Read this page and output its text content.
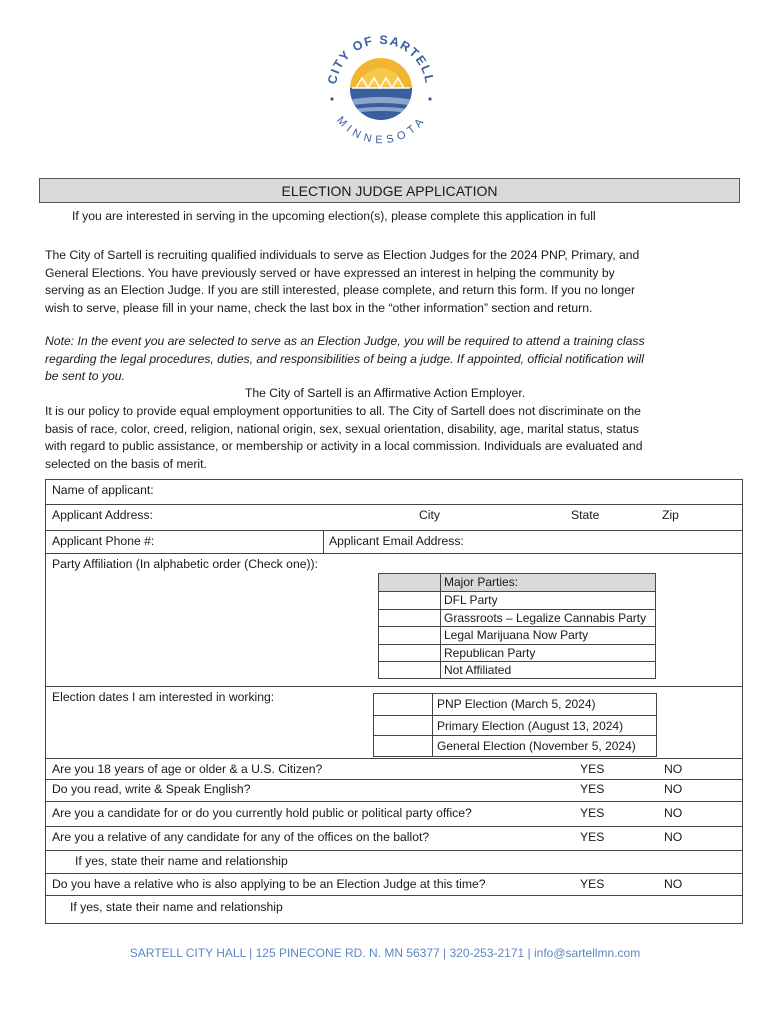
CITY OF SARTELL
MINNESOTA
ELECTION JUDGE APPLICATION
If you are interested in serving in the upcoming election(s), please complete this application in full
The City of Sartell is recruiting qualified individuals to serve as Election Judges for the 2024 PNP, Primary, and
General Elections. You have previously served or have expressed an interest in helping the community by
serving as an Election Judge. If you are still interested, please complete, and return this form. If you no longer
wish to serve, please fill in your name, check the last box in the “other information” section and return.
Note: In the event you are selected to serve as an Election Judge, you will be required to attend a training class
regarding the legal procedures, duties, and responsibilities of being a judge. If appointed, official notification will
be sent to you.
The City of Sartell is an Affirmative Action Employer.
It is our policy to provide equal employment opportunities to all. The City of Sartell does not discriminate on the
basis of race, color, creed, religion, national origin, sex, sexual orientation, disability, age, marital status, status
with regard to public assistance, or membership or activity in a local commission. Individuals are evaluated and
selected on the basis of merit.
Name of applicant:
Applicant Address:	City	State	Zip
Applicant Phone #:	Applicant Email Address:
Party Affiliation (In alphabetic order (Check one)):
Major Parties:
DFL Party
Grassroots – Legalize Cannabis Party
Legal Marijuana Now Party
Republican Party
Not Affiliated
Election dates I am interested in working:	PNP Election (March 5, 2024)
Primary Election (August 13, 2024)
General Election (November 5, 2024)
Are you 18 years of age or older & a U.S. Citizen?	YES	NO
Do you read, write & Speak English?	YES	NO
Are you a candidate for or do you currently hold public or political party office?	YES	NO
Are you a relative of any candidate for any of the offices on the ballot?	YES	NO
If yes, state their name and relationship
Do you have a relative who is also applying to be an Election Judge at this time?	YES	NO
If yes, state their name and relationship
SARTELL CITY HALL | 125 PINECONE RD. N. MN 56377 | 320-253-2171 | info@sartellmn.com
